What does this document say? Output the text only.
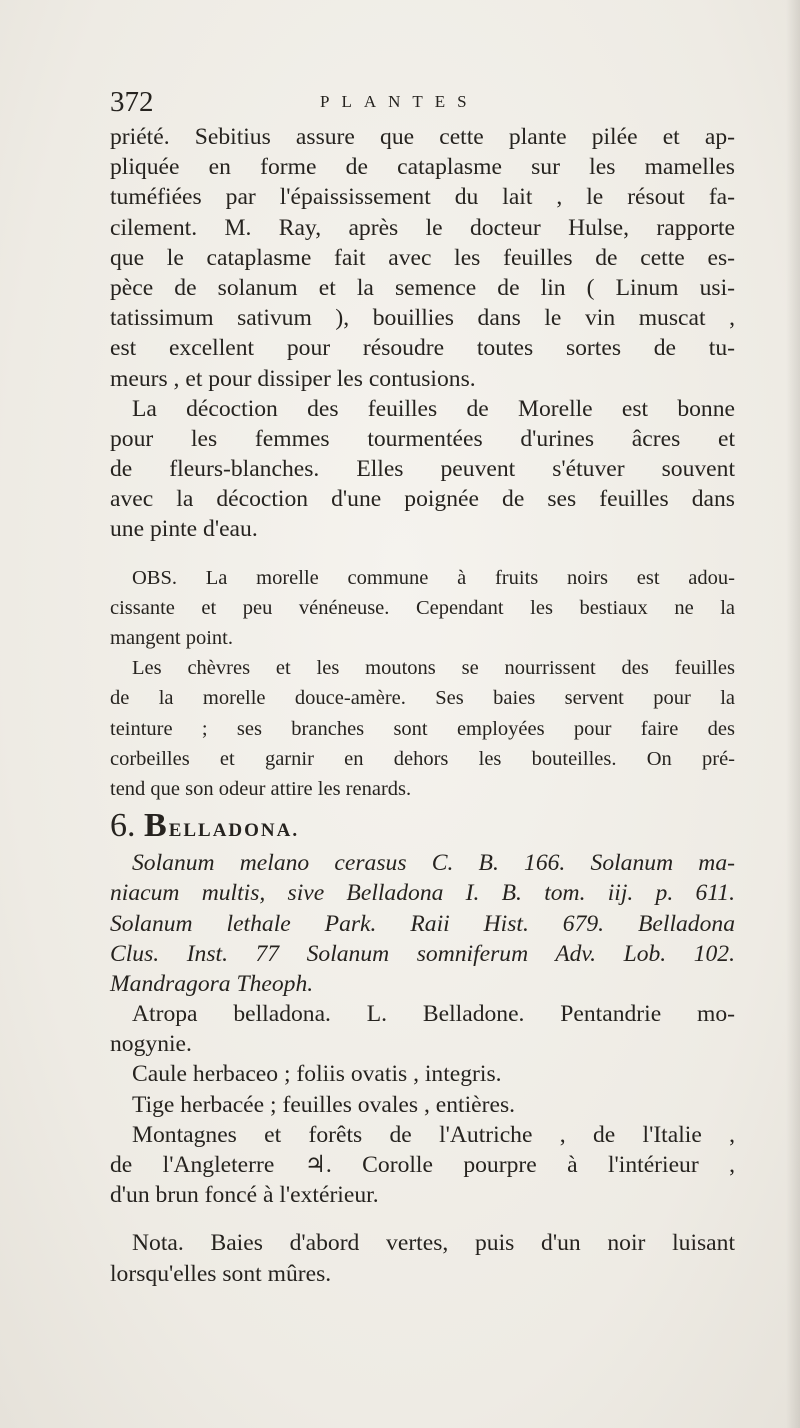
372	PLANTES
priété. Sebitius assure que cette plante pilée et ap-
pliquée en forme de cataplasme sur les mamelles
tuméfiées par l'épaississement du lait , le résout fa-
cilement. M. Ray, après le docteur Hulse, rapporte
que le cataplasme fait avec les feuilles de cette es-
pèce de solanum et la semence de lin ( Linum usi-
tatissimum sativum ), bouillies dans le vin muscat ,
est excellent pour résoudre toutes sortes de tu-
meurs , et pour dissiper les contusions.
La décoction des feuilles de Morelle est bonne
pour les femmes tourmentées d'urines âcres et
de fleurs-blanches. Elles peuvent s'étuver souvent
avec la décoction d'une poignée de ses feuilles dans
une pinte d'eau.
OBS. La morelle commune à fruits noirs est adou-
cissante et peu vénéneuse. Cependant les bestiaux ne la
mangent point.
Les chèvres et les moutons se nourrissent des feuilles
de la morelle douce-amère. Ses baies servent pour la
teinture ; ses branches sont employées pour faire des
corbeilles et garnir en dehors les bouteilles. On pré-
tend que son odeur attire les renards.
6. BELLADONA.
Solanum melano cerasus C. B. 166. Solanum ma-
niacum multis, sive Belladona I. B. tom. iij. p. 611.
Solanum lethale Park. Raii Hist. 679. Belladona
Clus. Inst. 77 Solanum somniferum Adv. Lob. 102.
Mandragora Theoph.
Atropa belladona. L. Belladone. Pentandrie mo-
nogynie.
Caule herbaceo ; foliis ovatis , integris.
Tige herbacée ; feuilles ovales , entières.
Montagnes et forêts de l'Autriche , de l'Italie ,
de l'Angleterre ♃. Corolle pourpre à l'intérieur ,
d'un brun foncé à l'extérieur.
Nota. Baies d'abord vertes, puis d'un noir luisant
lorsqu'elles sont mûres.
